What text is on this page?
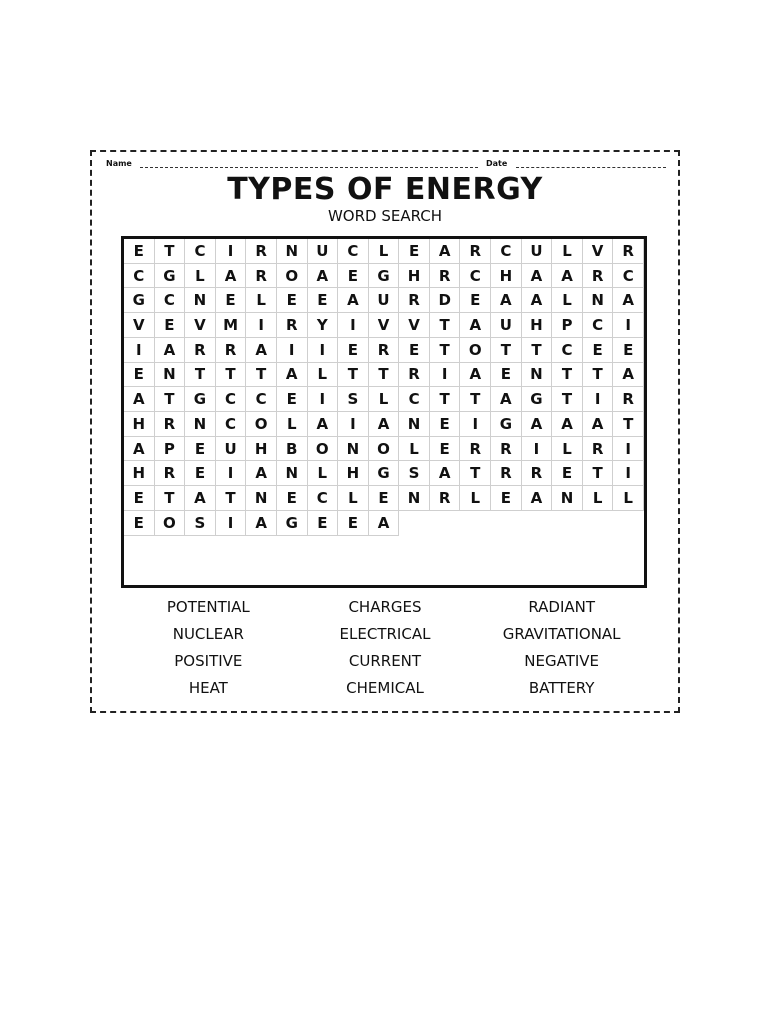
Name	Date
TYPES OF ENERGY
WORD SEARCH
E	T	C	I	R	N	U	C	L	E	A	R	C	U	L	V	R
C	G	L	A	R	O	A	E	G	H	R	C	H	A	A	R	C
G	C	N	E	L	E	E	A	U	R	D	E	A	A	L	N	A
V	E	V	M	I	R	Y	I	V	V	T	A	U	H	P	C	I
I	A	R	R	A	I	I	E	R	E	T	O	T	T	C	E	E
E	N	T	T	T	A	L	T	T	R	I	A	E	N	T	T	A
A	T	G	C	C	E	I	S	L	C	T	T	A	G	T	I	R
H	R	N	C	O	L	A	I	A	N	E	I	G	A	A	A	T
A	P	E	U	H	B	O	N	O	L	E	R	R	I	L	R	I
H	R	E	I	A	N	L	H	G	S	A	T	R	R	E	T	I
E	T	A	T	N	E	C	L	E	N	R	L	E	A	N	L	L
E	O	S	I	A	G	E	E	A
POTENTIAL	CHARGES	RADIANT
NUCLEAR	ELECTRICAL	GRAVITATIONAL
POSITIVE	CURRENT	NEGATIVE
HEAT	CHEMICAL	BATTERY
